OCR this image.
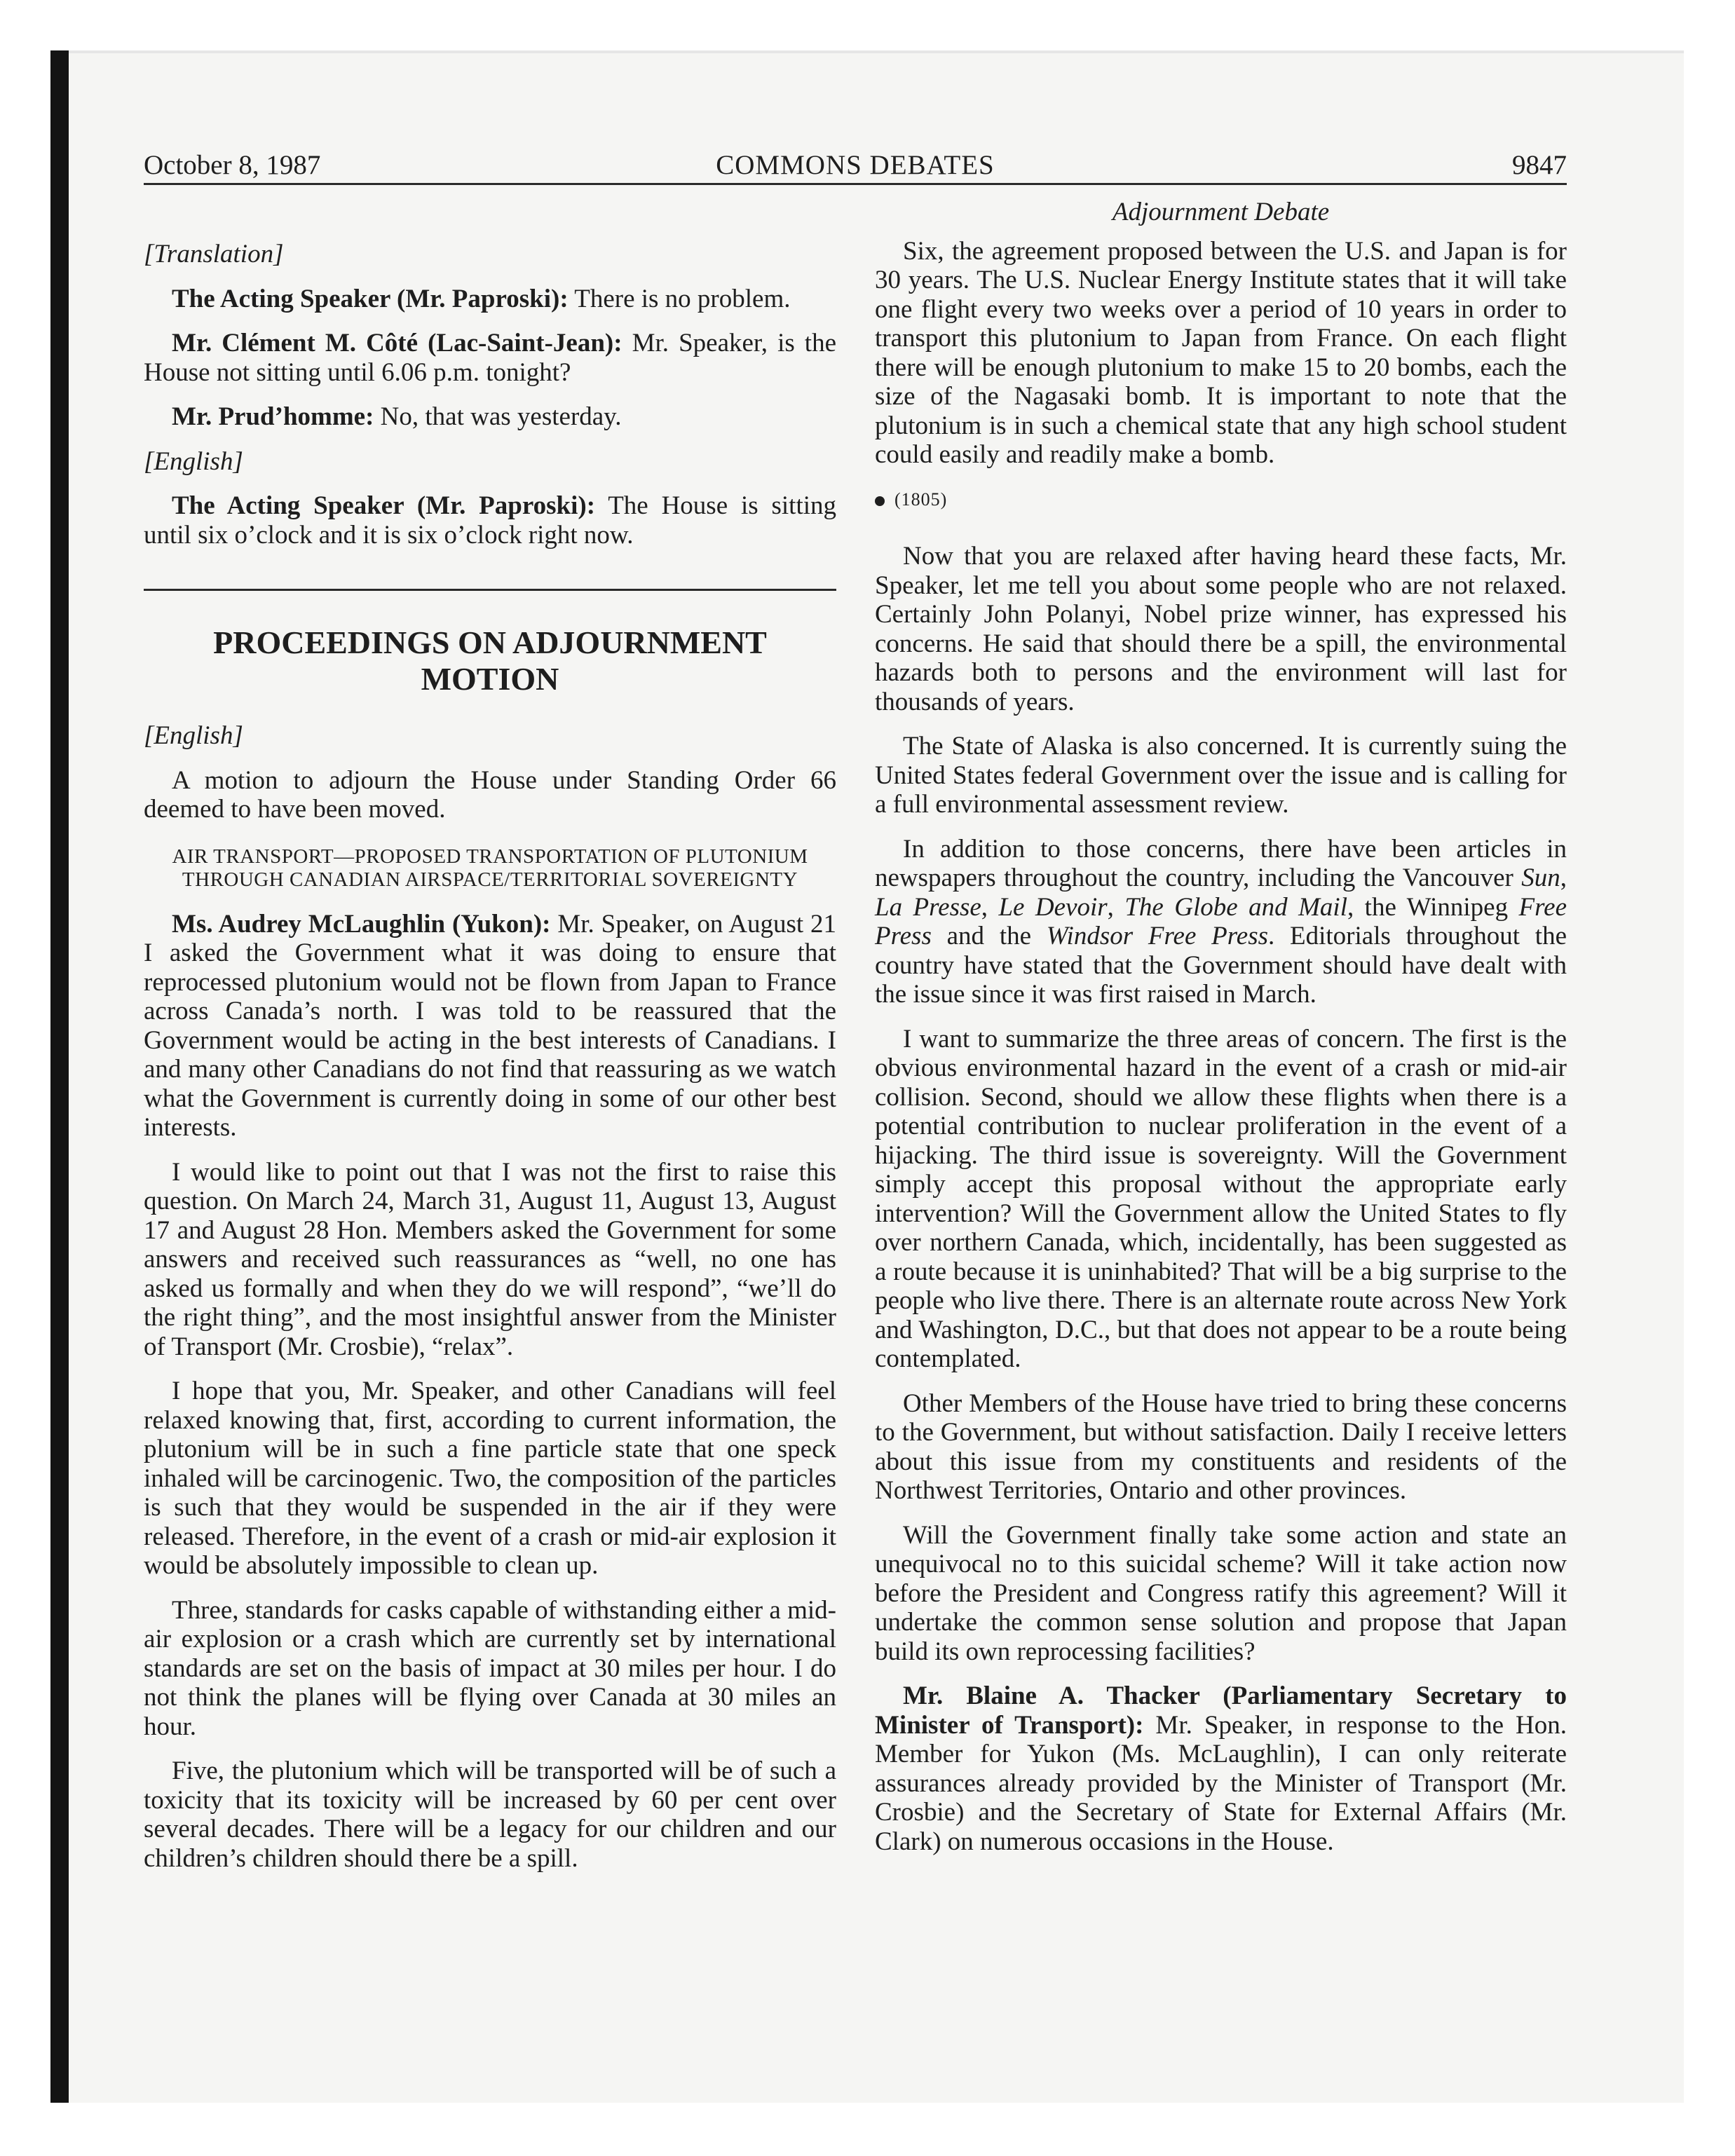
October 8, 1987	COMMONS DEBATES	9847

[Translation]

The Acting Speaker (Mr. Paproski): There is no problem.

Mr. Clément M. Côté (Lac-Saint-Jean): Mr. Speaker, is the House not sitting until 6.06 p.m. tonight?

Mr. Prud’homme: No, that was yesterday.

[English]

The Acting Speaker (Mr. Paproski): The House is sitting until six o’clock and it is six o’clock right now.

PROCEEDINGS ON ADJOURNMENT MOTION

[English]

A motion to adjourn the House under Standing Order 66 deemed to have been moved.

AIR TRANSPORT—PROPOSED TRANSPORTATION OF PLUTONIUM
THROUGH CANADIAN AIRSPACE/TERRITORIAL SOVEREIGNTY

Ms. Audrey McLaughlin (Yukon): Mr. Speaker, on August 21 I asked the Government what it was doing to ensure that reprocessed plutonium would not be flown from Japan to France across Canada’s north. I was told to be reassured that the Government would be acting in the best interests of Canadians. I and many other Canadians do not find that reassuring as we watch what the Government is currently doing in some of our other best interests.

I would like to point out that I was not the first to raise this question. On March 24, March 31, August 11, August 13, August 17 and August 28 Hon. Members asked the Government for some answers and received such reassurances as “well, no one has asked us formally and when they do we will respond”, “we’ll do the right thing”, and the most insightful answer from the Minister of Transport (Mr. Crosbie), “relax”.

I hope that you, Mr. Speaker, and other Canadians will feel relaxed knowing that, first, according to current information, the plutonium will be in such a fine particle state that one speck inhaled will be carcinogenic. Two, the composition of the particles is such that they would be suspended in the air if they were released. Therefore, in the event of a crash or mid-air explosion it would be absolutely impossible to clean up.

Three, standards for casks capable of withstanding either a mid-air explosion or a crash which are currently set by international standards are set on the basis of impact at 30 miles per hour. I do not think the planes will be flying over Canada at 30 miles an hour.

Five, the plutonium which will be transported will be of such a toxicity that its toxicity will be increased by 60 per cent over several decades. There will be a legacy for our children and our children’s children should there be a spill.

Adjournment Debate

Six, the agreement proposed between the U.S. and Japan is for 30 years. The U.S. Nuclear Energy Institute states that it will take one flight every two weeks over a period of 10 years in order to transport this plutonium to Japan from France. On each flight there will be enough plutonium to make 15 to 20 bombs, each the size of the Nagasaki bomb. It is important to note that the plutonium is in such a chemical state that any high school student could easily and readily make a bomb.

(1805)

Now that you are relaxed after having heard these facts, Mr. Speaker, let me tell you about some people who are not relaxed. Certainly John Polanyi, Nobel prize winner, has expressed his concerns. He said that should there be a spill, the environmental hazards both to persons and the environment will last for thousands of years.

The State of Alaska is also concerned. It is currently suing the United States federal Government over the issue and is calling for a full environmental assessment review.

In addition to those concerns, there have been articles in newspapers throughout the country, including the Vancouver Sun, La Presse, Le Devoir, The Globe and Mail, the Winnipeg Free Press and the Windsor Free Press. Editorials throughout the country have stated that the Government should have dealt with the issue since it was first raised in March.

I want to summarize the three areas of concern. The first is the obvious environmental hazard in the event of a crash or mid-air collision. Second, should we allow these flights when there is a potential contribution to nuclear proliferation in the event of a hijacking. The third issue is sovereignty. Will the Government simply accept this proposal without the appropriate early intervention? Will the Government allow the United States to fly over northern Canada, which, incidentally, has been suggested as a route because it is uninhabited? That will be a big surprise to the people who live there. There is an alternate route across New York and Washington, D.C., but that does not appear to be a route being contemplated.

Other Members of the House have tried to bring these concerns to the Government, but without satisfaction. Daily I receive letters about this issue from my constituents and residents of the Northwest Territories, Ontario and other provinces.

Will the Government finally take some action and state an unequivocal no to this suicidal scheme? Will it take action now before the President and Congress ratify this agreement? Will it undertake the common sense solution and propose that Japan build its own reprocessing facilities?

Mr. Blaine A. Thacker (Parliamentary Secretary to Minister of Transport): Mr. Speaker, in response to the Hon. Member for Yukon (Ms. McLaughlin), I can only reiterate assurances already provided by the Minister of Transport (Mr. Crosbie) and the Secretary of State for External Affairs (Mr. Clark) on numerous occasions in the House.
